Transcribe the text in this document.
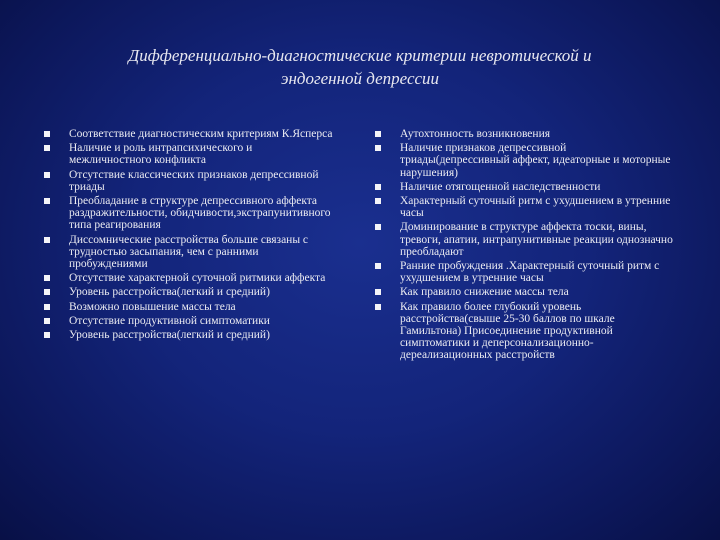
Дифференциально-диагностические критерии невротической и
эндогенной депрессии
Соответствие диагностическим критериям К.Ясперса
Наличие и роль интрапсихического и межличностного конфликта
Отсутствие классических признаков депрессивной триады
Преобладание в структуре депрессивного аффекта раздражительности, обидчивости,экстрапунитивного типа реагирования
Диссомнические расстройства больше связаны с трудностью засыпания, чем с ранними пробуждениями
Отсутствие характерной суточной ритмики аффекта
Уровень расстройства(легкий и средний)
Возможно повышение массы тела
Отсутствие продуктивной симптоматики
Уровень расстройства(легкий и средний)
Аутохтонность возникновения
Наличие признаков депрессивной триады(депрессивный аффект, идеаторные и моторные нарушения)
Наличие отягощенной наследственности
Характерный суточный ритм с ухудшением в утренние часы
Доминирование в структуре аффекта тоски, вины, тревоги, апатии, интрапунитивные реакции однозначно преобладают
Ранние пробуждения .Характерный суточный ритм с ухудшением в утренние часы
Как правило снижение массы тела
Как правило более глубокий уровень расстройства(свыше 25-30 баллов по шкале Гамильтона) Присоединение продуктивной симптоматики и деперсонализационно-дереализационных расстройств
